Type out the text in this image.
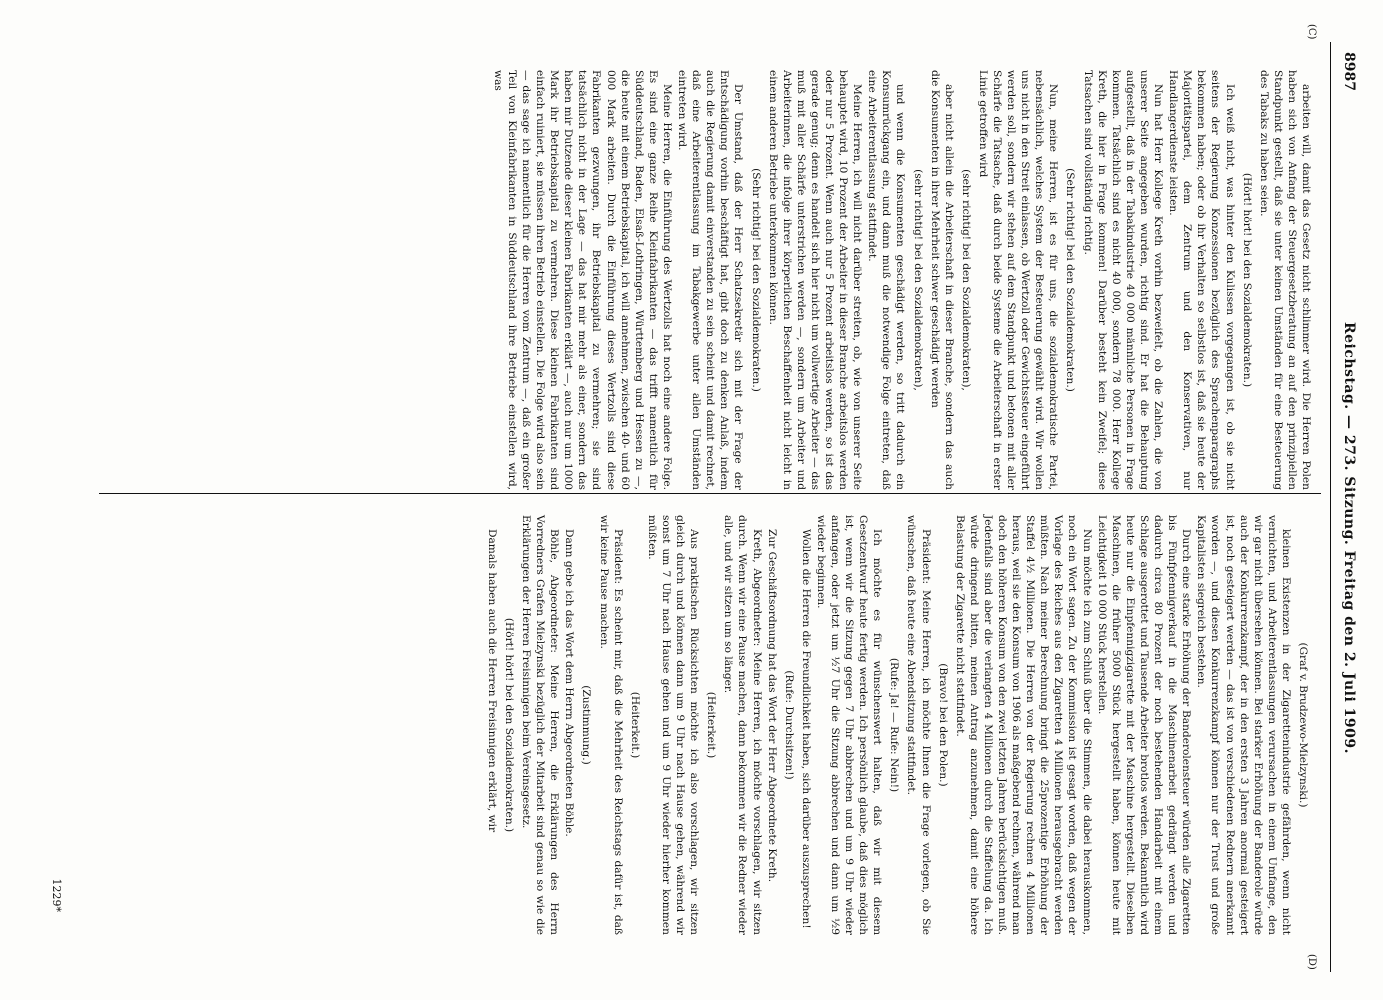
8987
Reichstag. — 273. Sitzung. Freitag den 2. Juli 1909.
(C)
(D)

arbeiten will, damit das Gesetz nicht schlimmer wird. Die Herren Polen haben sich von Anfang der Steuergesetzberatung an auf den prinzipiellen Standpunkt gestellt, daß sie unter keinen Umständen für eine Besteuerung des Tabaks zu haben seien.

(Hört! hört! bei den Sozialdemokraten.)

Ich weiß nicht, was hinter den Kulissen vorgegangen ist, ob sie nicht seitens der Regierung Konzessionen bezüglich des Sprachenparagraphs bekommen haben; oder ob ihr Verhalten so selbstlos ist, daß sie heute der Majoritätspartei, dem Zentrum und den Konservativen, nur Handlangerdienste leisten.

Nun hat Herr Kollege Kreth vorhin bezweifelt, ob die Zahlen, die von unserer Seite angegeben wurden, richtig sind. Er hat die Behauptung aufgestellt, daß in der Tabakindustrie 40 000 männliche Personen in Frage kommen. Tatsächlich sind es nicht 40 000, sondern 78 000. Herr Kollege Kreth, die hier in Frage kommen! Darüber besteht kein Zweifel; diese Tatsachen sind vollständig richtig.

(Sehr richtig! bei den Sozialdemokraten.)

Nun, meine Herren, ist es für uns, die sozialdemokratische Partei, nebensächlich, welches System der Besteuerung gewählt wird. Wir wollen uns nicht in den Streit einlassen, ob Wertzoll oder Gewichtssteuer eingeführt werden soll, sondern wir stehen auf dem Standpunkt und betonen mit aller Schärfe die Tatsache, daß durch beide Systeme die Arbeiterschaft in erster Linie getroffen wird

(sehr richtig! bei den Sozialdemokraten),

aber nicht allein die Arbeiterschaft in dieser Branche, sondern das auch die Konsumenten in ihrer Mehrheit schwer geschädigt werden

(sehr richtig! bei den Sozialdemokraten),

und wenn die Konsumenten geschädigt werden, so tritt dadurch ein Konsumrückgang ein, und dann muß die notwendige Folge eintreten, daß eine Arbeiterentlassung stattfindet.

Meine Herren, ich will nicht darüber streiten, ob, wie von unserer Seite behauptet wird, 10 Prozent der Arbeiter in dieser Branche arbeitslos werden oder nur 5 Prozent. Wenn auch nur 5 Prozent arbeitslos werden, so ist das gerade genug; denn es handelt sich hier nicht um vollwertige Arbeiter — das muß mit aller Schärfe unterstrichen werden —, sondern um Arbeiter und Arbeiterinnen, die infolge ihrer körperlichen Beschaffenheit nicht leicht in einem anderen Betriebe unterkommen können.

(Sehr richtig! bei den Sozialdemokraten.)

Der Umstand, daß der Herr Schatzsekretär sich mit der Frage der Entschädigung vorhin beschäftigt hat, gibt doch zu denken Anlaß, indem auch die Regierung damit einverstanden zu sein scheint und damit rechnet, daß eine Arbeiterentlassung im Tabakgewerbe unter allen Umständen eintreten wird.

Meine Herren, die Einführung des Wertzolls hat noch eine andere Folge. Es sind eine ganze Reihe Kleinfabrikanten — das trifft namentlich für Süddeutschland, Baden, Elsaß-Lothringen, Württemberg und Hessen zu —, die heute mit einem Betriebskapital, ich will annehmen, zwischen 40- und 60 000 Mark arbeiten. Durch die Einführung dieses Wertzolls sind diese Fabrikanten gezwungen, ihr Betriebskapital zu vermehren; sie sind tatsächlich nicht in der Lage — das hat mir mehr als einer, sondern das haben mir Dutzende dieser kleinen Fabrikanten erklärt —, auch nur um 1000 Mark ihr Betriebskapital zu vermehren. Diese kleinen Fabrikanten sind einfach ruiniert, sie müssen ihren Betrieb einstellen. Die Folge wird also sein — das sage ich namentlich für die Herren vom Zentrum —, daß ein großer Teil von Kleinfabrikanten in Süddeutschland ihre Betriebe einstellen wird, was

(Graf v. Brudzewo-Mielzynski.)

kleinen Existenzen in der Zigarettenindustrie gefährden, wenn nicht vernichten, und Arbeiterentlassungen verursachen in einem Umfange, den wir gar nicht übersehen können. Bei starker Erhöhung der Banderole würde auch der Konkurrenzkampf, der in den ersten 3 Jahren anormal gesteigert ist, noch gesteigert werden — das ist von verschiedenen Rednern anerkannt worden —, und diesen Konkurrenzkampf können nur der Trust und große Kapitalisten siegreich bestehen.

Durch eine starke Erhöhung der Banderolensteuer würden alle Zigaretten bis Fünfpfennigverkauf in die Maschinenarbeit gedrängt werden und dadurch circa 80 Prozent der noch bestehenden Handarbeit mit einem Schlage ausgerottet und Tausende Arbeiter brotlos werden. Bekanntlich wird heute nur die Einpfennigzigarette mit der Maschine hergestellt. Dieselben Maschinen, die früher 5000 Stück hergestellt haben, können heute mit Leichtigkeit 10 000 Stück herstellen.

Nun möchte ich zum Schluß über die Stimmen, die dabei herauskommen, noch ein Wort sagen. Zu der Kommission ist gesagt worden, daß wegen der Vorlage des Reiches aus den Zigaretten 4 Millionen herausgebracht werden müßten. Nach meiner Berechnung bringt die 25prozentige Erhöhung der Staffel 4½ Millionen. Die Herren von der Regierung rechnen 4 Millionen heraus, weil sie den Konsum von 1906 als maßgebend rechnen, während man doch den höheren Konsum von den zwei letzten Jahren berücksichtigen muß. Jedenfalls sind aber die verlangten 4 Millionen durch die Staffelung da. Ich würde dringend bitten, meinen Antrag anzunehmen, damit eine höhere Belastung der Zigarette nicht stattfindet.

(Bravo! bei den Polen.)

Präsident: Meine Herren, ich möchte Ihnen die Frage vorlegen, ob Sie wünschen, daß heute eine Abendsitzung stattfindet.

(Rufe: Ja! — Rufe: Nein!)

Ich möchte es für wünschenswert halten, daß wir mit diesem Gesetzentwurf heute fertig werden. Ich persönlich glaube, daß dies möglich ist, wenn wir die Sitzung gegen 7 Uhr abbrechen und um 9 Uhr wieder anfangen, oder jetzt um ½7 Uhr die Sitzung abbrechen und dann um ½9 wieder beginnen.

Wollen die Herren die Freundlichkeit haben, sich darüber auszusprechen!

(Rufe: Durchsitzen!)

Zur Geschäftsordnung hat das Wort der Herr Abgeordnete Kreth.

Kreth, Abgeordneter: Meine Herren, ich möchte vorschlagen, wir sitzen durch. Wenn wir eine Pause machen, dann bekommen wir die Redner wieder alle, und wir sitzen um so länger.

(Heiterkeit.)

Aus praktischen Rücksichten möchte ich also vorschlagen, wir sitzen gleich durch und können dann um 9 Uhr nach Hause gehen, während wir sonst um 7 Uhr nach Hause gehen und um 9 Uhr wieder hierher kommen müßten.

(Heiterkeit.)

Präsident: Es scheint mir, daß die Mehrheit des Reichstags dafür ist, daß wir keine Pause machen.

(Zustimmung.)

Dann gebe ich das Wort dem Herrn Abgeordneten Böhle.

Böhle, Abgeordneter: Meine Herren, die Erklärungen des Herrn Vorredners Grafen Mielzynski bezüglich der Mitarbeit sind genau so wie die Erklärungen der Herren Freisinnigen beim Vereinsgesetz.

(Hört! hört! bei den Sozialdemokraten.)

Damals haben auch die Herren Freisinnigen erklärt, wir

1229*
